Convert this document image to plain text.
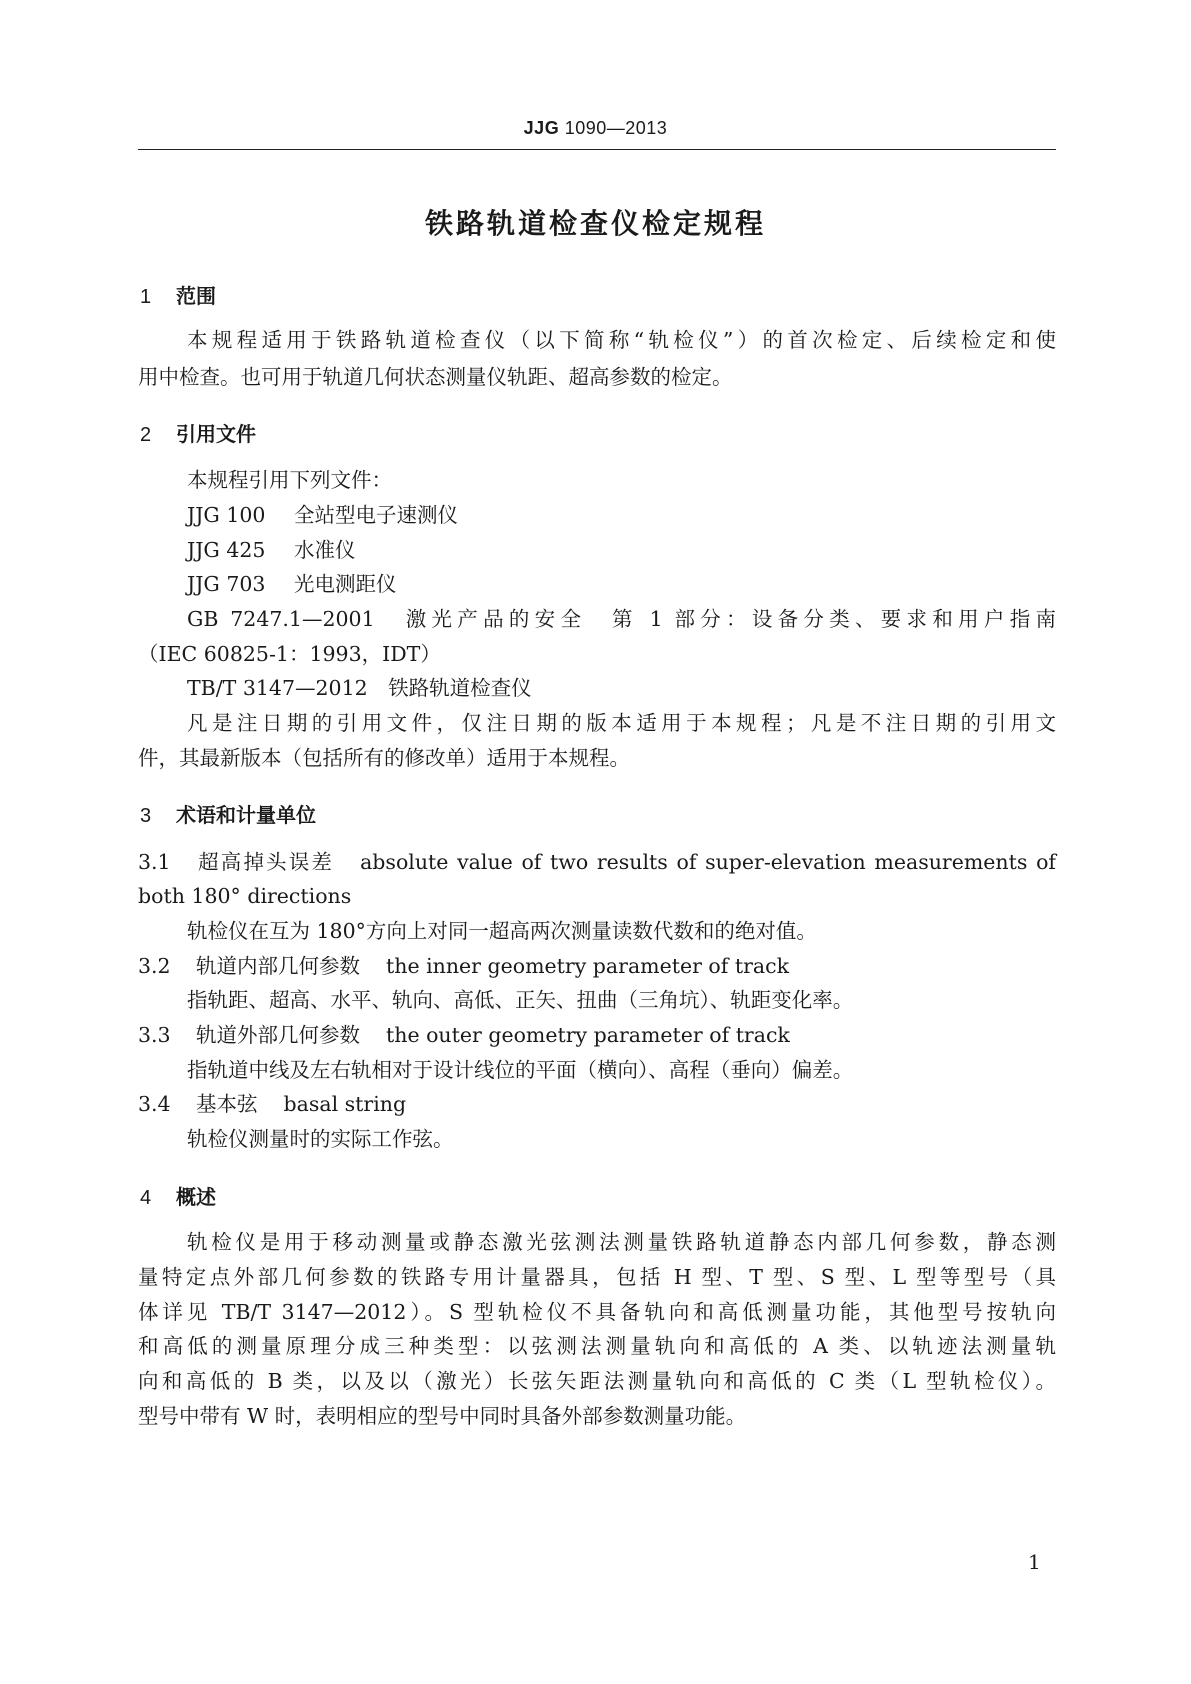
JJG 1090—2013
铁路轨道检查仪检定规程
1 范围
本规程适用于铁路轨道检查仪（以下简称“轨检仪”）的首次检定、后续检定和使
用中检查。也可用于轨道几何状态测量仪轨距、超高参数的检定。
2 引用文件
本规程引用下列文件：
JJG 100 全站型电子速测仪
JJG 425 水准仪
JJG 703 光电测距仪
GB 7247.1—2001　激光产品的安全　第 1 部分：设备分类、要求和用户指南
（IEC 60825-1：1993，IDT）
TB/T 3147—2012　铁路轨道检查仪
凡是注日期的引用文件，仅注日期的版本适用于本规程；凡是不注日期的引用文
件，其最新版本（包括所有的修改单）适用于本规程。
3 术语和计量单位
3.1 超高掉头误差 absolute value of two results of super-elevation measurements of
both 180° directions
轨检仪在互为 180°方向上对同一超高两次测量读数代数和的绝对值。
3.2 轨道内部几何参数 the inner geometry parameter of track
指轨距、超高、水平、轨向、高低、正矢、扭曲（三角坑）、轨距变化率。
3.3 轨道外部几何参数 the outer geometry parameter of track
指轨道中线及左右轨相对于设计线位的平面（横向）、高程（垂向）偏差。
3.4 基本弦 basal string
轨检仪测量时的实际工作弦。
4 概述
轨检仪是用于移动测量或静态激光弦测法测量铁路轨道静态内部几何参数，静态测
量特定点外部几何参数的铁路专用计量器具，包括 H 型、T 型、S 型、L 型等型号（具
体详见 TB/T 3147—2012）。S 型轨检仪不具备轨向和高低测量功能，其他型号按轨向
和高低的测量原理分成三种类型：以弦测法测量轨向和高低的 A 类、以轨迹法测量轨
向和高低的 B 类，以及以（激光）长弦矢距法测量轨向和高低的 C 类（L 型轨检仪）。
型号中带有 W 时，表明相应的型号中同时具备外部参数测量功能。
1
